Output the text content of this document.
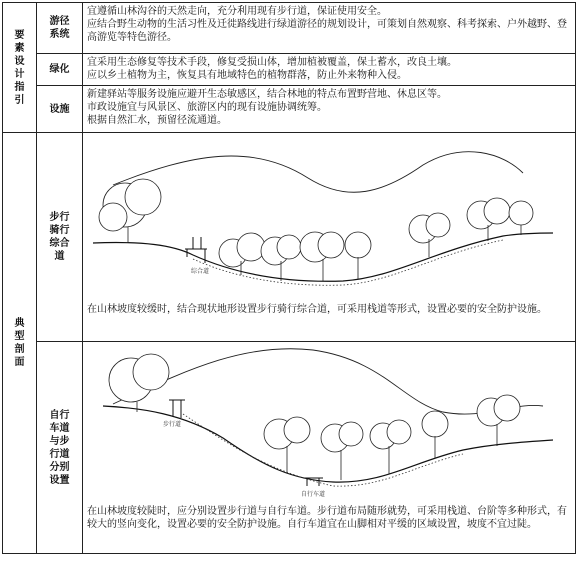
要素设计指引	游径系统	宜遵循山林沟谷的天然走向，充分利用现有步行道，保证使用安全。

应结合野生动物的生活习性及迁徙路线进行绿道游径的规划设计，可策划自然观察、科考探索、户外越野、登高游览等特色游径。

	绿化	宜采用生态修复等技术手段，修复受损山体，增加植被覆盖，保土蓄水，改良土壤。

应以乡土植物为主，恢复具有地域特色的植物群落，防止外来物种入侵。

	设施	新建驿站等服务设施应避开生态敏感区，结合林地的特点布置野营地、休息区等。

市政设施宜与风景区、旅游区内的现有设施协调统筹。

根据自然汇水，预留径流通道。

典型剖面	步行骑行综合道	综合道

在山林坡度较缓时，结合现状地形设置步行骑行综合道，可采用栈道等形式，设置必要的安全防护设施。

	自行车道与步行道分别设置	步行道
自行车道

在山林坡度较陡时，应分别设置步行道与自行车道。步行道布局随形就势，可采用栈道、台阶等多种形式，有较大的竖向变化，设置必要的安全防护设施。自行车道宜在山脚相对平缓的区域设置，坡度不宜过陡。
